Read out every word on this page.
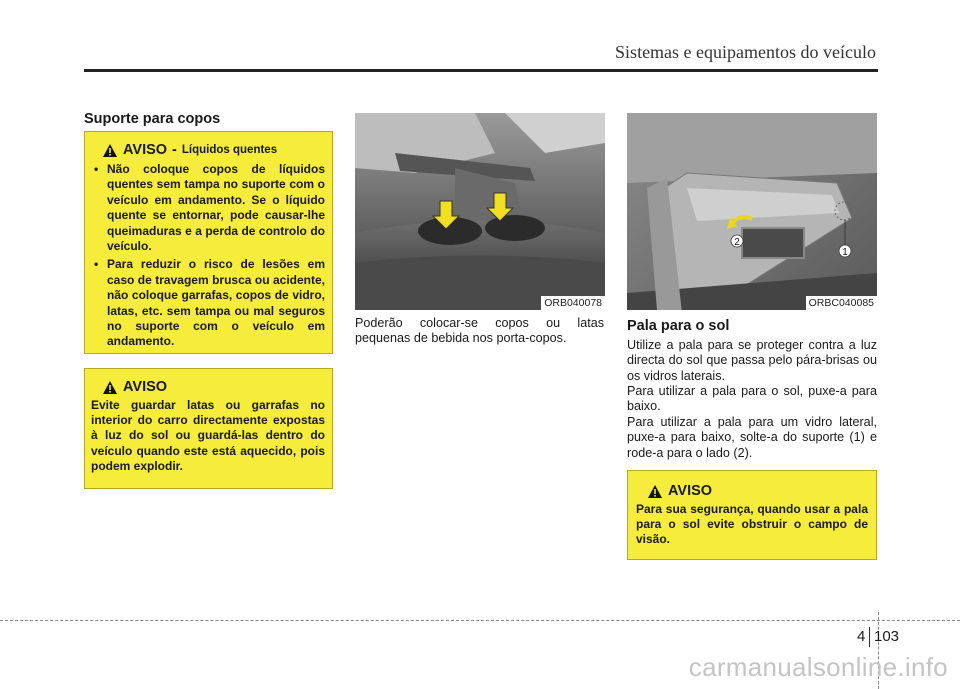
Sistemas e equipamentos do veículo
Suporte para copos
AVISO - Líquidos quentes
• Não coloque copos de líquidos quentes sem tampa no suporte com o veículo em andamento. Se o líquido quente se entornar, pode causar-lhe queimaduras e a perda de controlo do veículo.
• Para reduzir o risco de lesões em caso de travagem brusca ou acidente, não coloque garrafas, copos de vidro, latas, etc. sem tampa ou mal seguros no suporte com o veículo em andamento.
AVISO

Evite guardar latas ou garrafas no interior do carro directamente expostas à luz do sol ou guardá-las dentro do veículo quando este está aquecido, pois podem explodir.

ORB040078

Poderão colocar-se copos ou latas pequenas de bebida nos porta-copos.

2
1
ORBC040085
Pala para o sol

Utilize a pala para se proteger contra a luz directa do sol que passa pelo pára-brisas ou os vidros laterais.

Para utilizar a pala para o sol, puxe-a para baixo.

Para utilizar a pala para um vidro lateral, puxe-a para baixo, solte-a do suporte (1) e rode-a para o lado (2).

AVISO

Para sua segurança, quando usar a pala para o sol evite obstruir o campo de visão.

4 103
carmanualsonline.info
